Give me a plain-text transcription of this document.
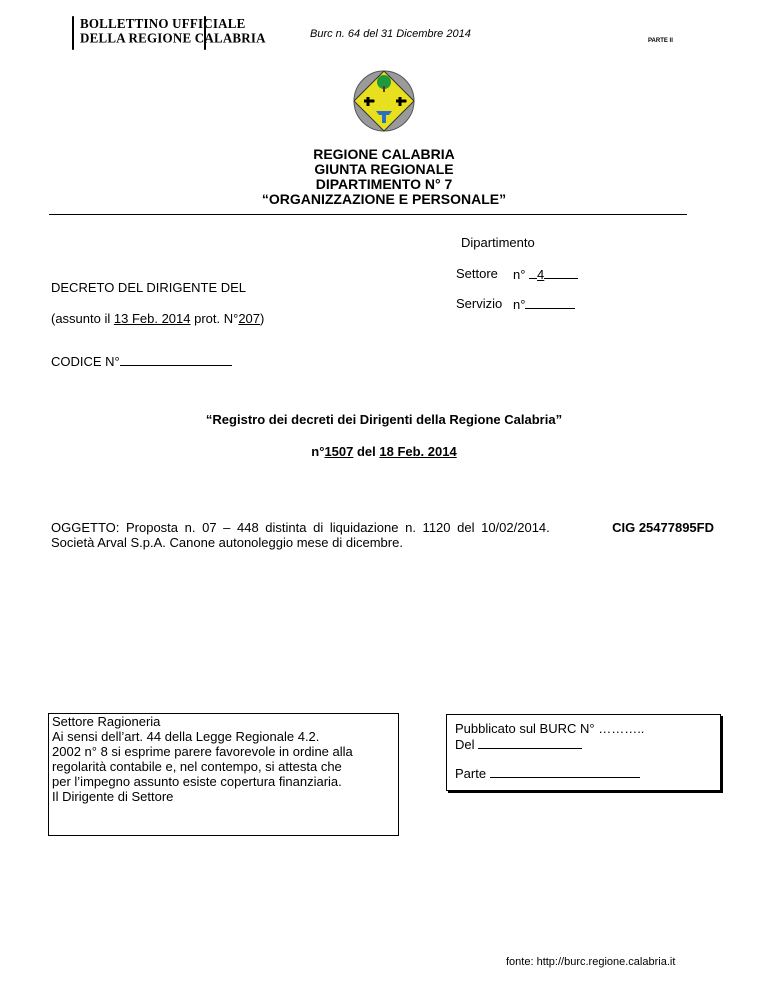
BOLLETTINO UFFICIALE
DELLA REGIONE CALABRIA	Burc n. 64 del 31 Dicembre 2014
PARTE II
REGIONE CALABRIA
GIUNTA REGIONALE
DIPARTIMENTO N° 7
“ORGANIZZAZIONE E PERSONALE”
Dipartimento
Settore n° 4
Servizio n°
DECRETO DEL DIRIGENTE DEL
(assunto il 13 Feb. 2014 prot. N°207)
CODICE N°
“Registro dei decreti dei Dirigenti della Regione Calabria”
n°1507 del 18 Feb. 2014
OGGETTO: Proposta n. 07 – 448 distinta di liquidazione n. 1120 del 10/02/2014.	CIG 25477895FD
Società Arval S.p.A. Canone autonoleggio mese di dicembre.
Settore Ragioneria
Ai sensi dell’art. 44 della Legge Regionale 4.2.
2002 n° 8 si esprime parere favorevole in ordine alla
regolarità contabile e, nel contempo, si attesta che
per l’impegno assunto esiste copertura finanziaria.
Il Dirigente di Settore
Pubblicato sul BURC N° ………..
Del
Parte
fonte: http://burc.regione.calabria.it
